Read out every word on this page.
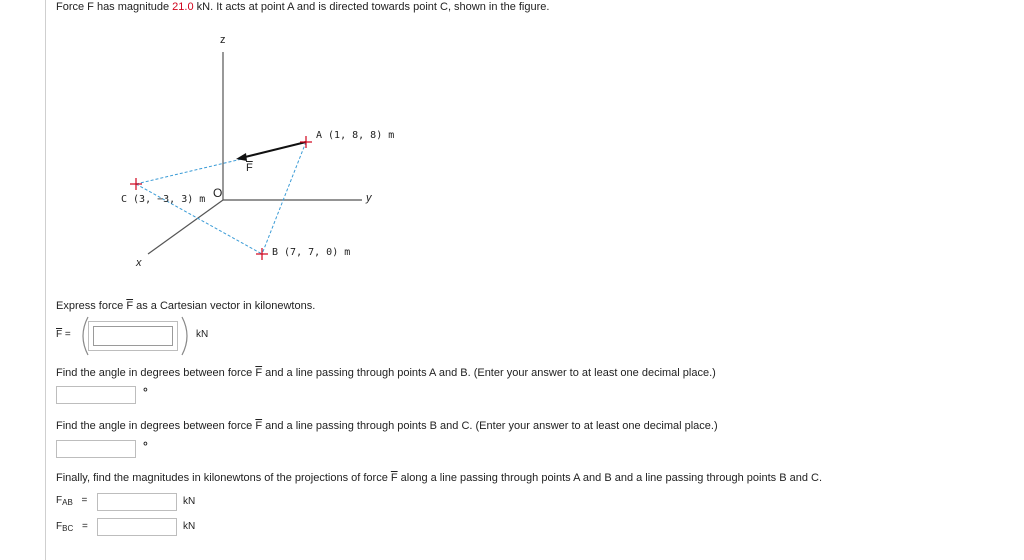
Force F has magnitude 21.0 kN. It acts at point A and is directed towards point C, shown in the figure.
z
y
x
O
$\overline{F}$
A (1, 8, 8) m
B (7, 7, 0) m
C (3, −3, 3) m
Express force $\overline{F}$ as a Cartesian vector in kilonewtons.
$\overline{F}$ =	kN
Find the angle in degrees between force $\overline{F}$ and a line passing through points A and B. (Enter your answer to at least one decimal place.)
°
Find the angle in degrees between force $\overline{F}$ and a line passing through points B and C. (Enter your answer to at least one decimal place.)
°
Finally, find the magnitudes in kilonewtons of the projections of force $\overline{F}$ along a line passing through points A and B and a line passing through points B and C.
$F_{AB}$ =	kN
$F_{BC}$ =	kN
